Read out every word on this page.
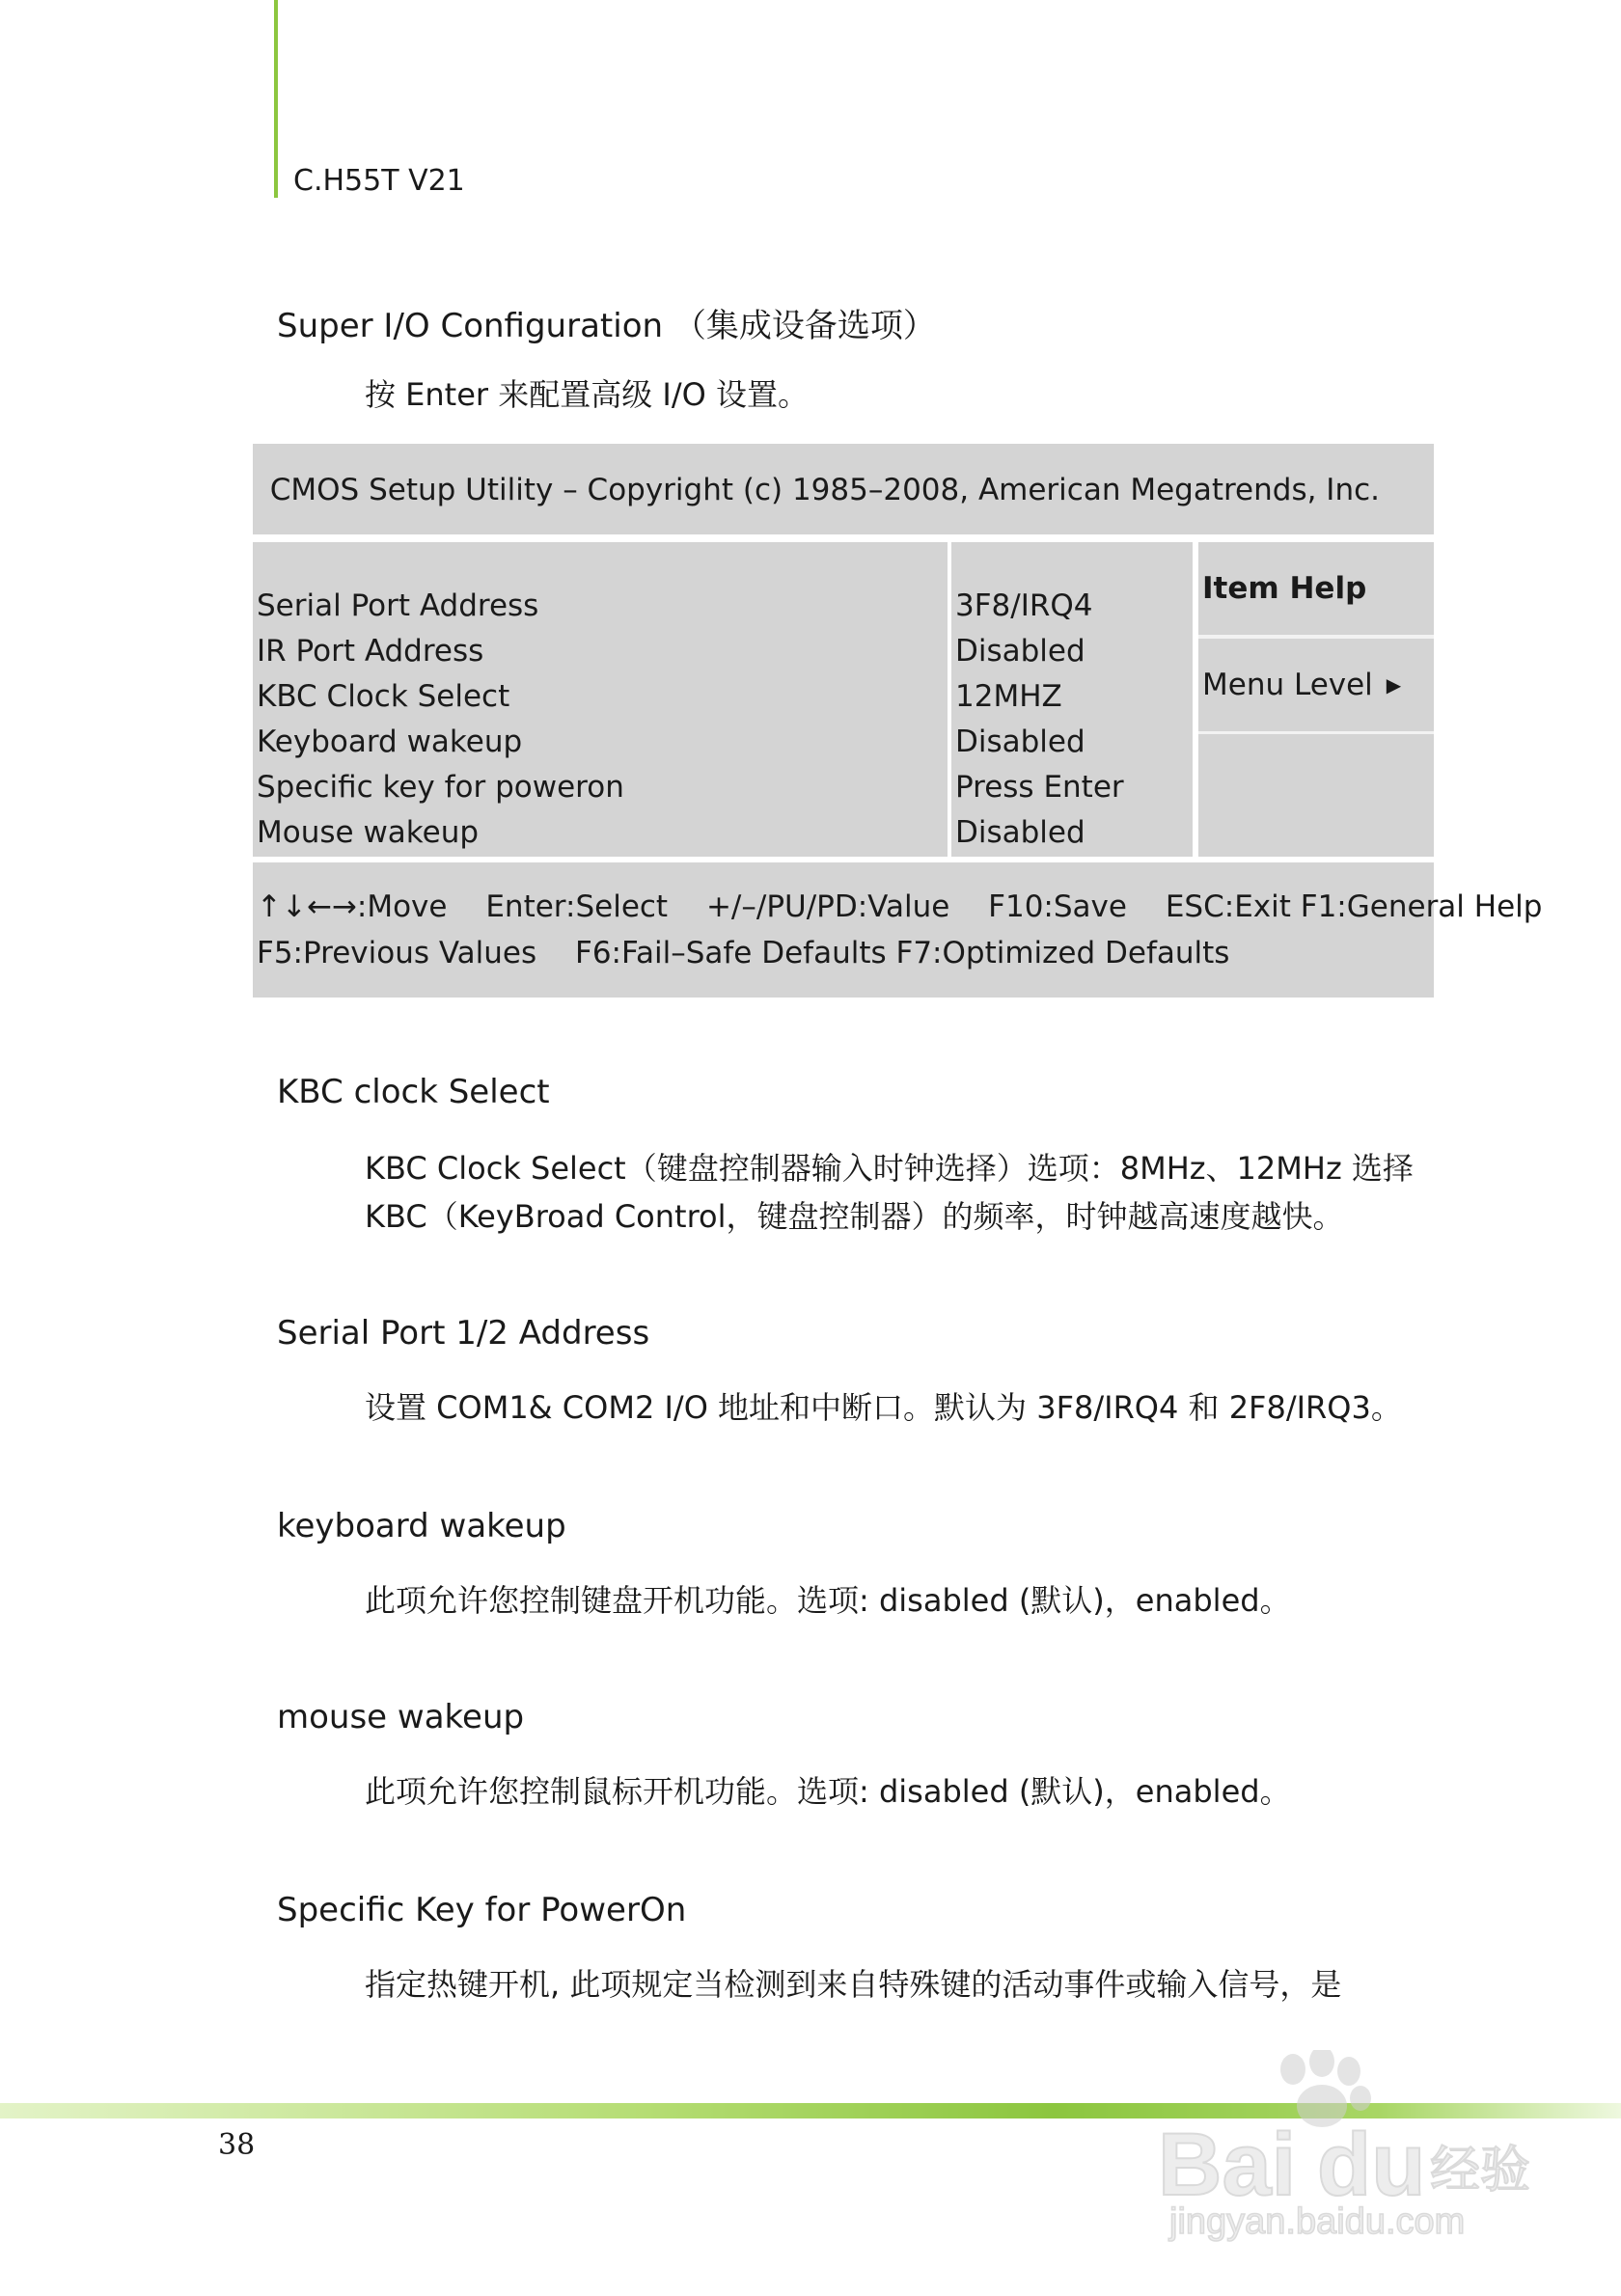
C.H55T V21
Super I/O Configuration （集成设备选项）
按 Enter 来配置高级 I/O 设置。
CMOS Setup Utility – Copyright (c) 1985–2008, American Megatrends, Inc.
Serial Port Address
IR Port Address
KBC Clock Select
Keyboard wakeup
Specific key for poweron
Mouse wakeup
3F8/IRQ4
Disabled
12MHZ
Disabled
Press Enter
Disabled
Item Help
Menu Level ▶
↑↓←→:Move Enter:Select +/–/PU/PD:Value F10:Save ESC:Exit F1:General Help
F5:Previous Values F6:Fail–Safe Defaults F7:Optimized Defaults
KBC clock Select
KBC Clock Select（键盘控制器输入时钟选择）选项：8MHz、12MHz 选择
KBC（KeyBroad Control，键盘控制器）的频率，时钟越高速度越快。
Serial Port 1/2 Address
设置 COM1& COM2 I/O 地址和中断口。默认为 3F8/IRQ4 和 2F8/IRQ3。
keyboard wakeup
此项允许您控制键盘开机功能。选项: disabled (默认)，enabled。
mouse wakeup
此项允许您控制鼠标开机功能。选项: disabled (默认)，enabled。
Specific Key for PowerOn
指定热键开机, 此项规定当检测到来自特殊键的活动事件或输入信号，是
38	Bai du 经验
jingyan.baidu.com
